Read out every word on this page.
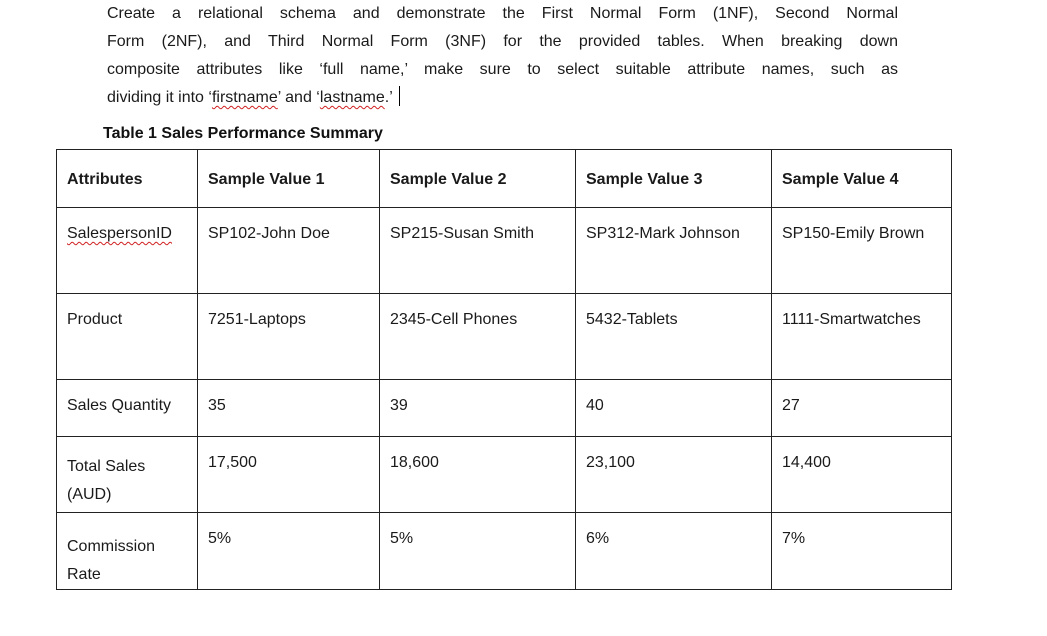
Create a relational schema and demonstrate the First Normal Form (1NF), Second Normal
Form (2NF), and Third Normal Form (3NF) for the provided tables. When breaking down
composite attributes like ‘full name,’ make sure to select suitable attribute names, such as
dividing it into ‘firstname’ and ‘lastname.’
Table 1 Sales Performance Summary
Attributes	Sample Value 1	Sample Value 2	Sample Value 3	Sample Value 4
SalespersonID	SP102-John Doe	SP215-Susan Smith	SP312-Mark Johnson	SP150-Emily Brown
Product	7251-Laptops	2345-Cell Phones	5432-Tablets	1111-Smartwatches
Sales Quantity	35	39	40	27
Total Sales (AUD)	17,500	18,600	23,100	14,400
Commission Rate	5%	5%	6%	7%
